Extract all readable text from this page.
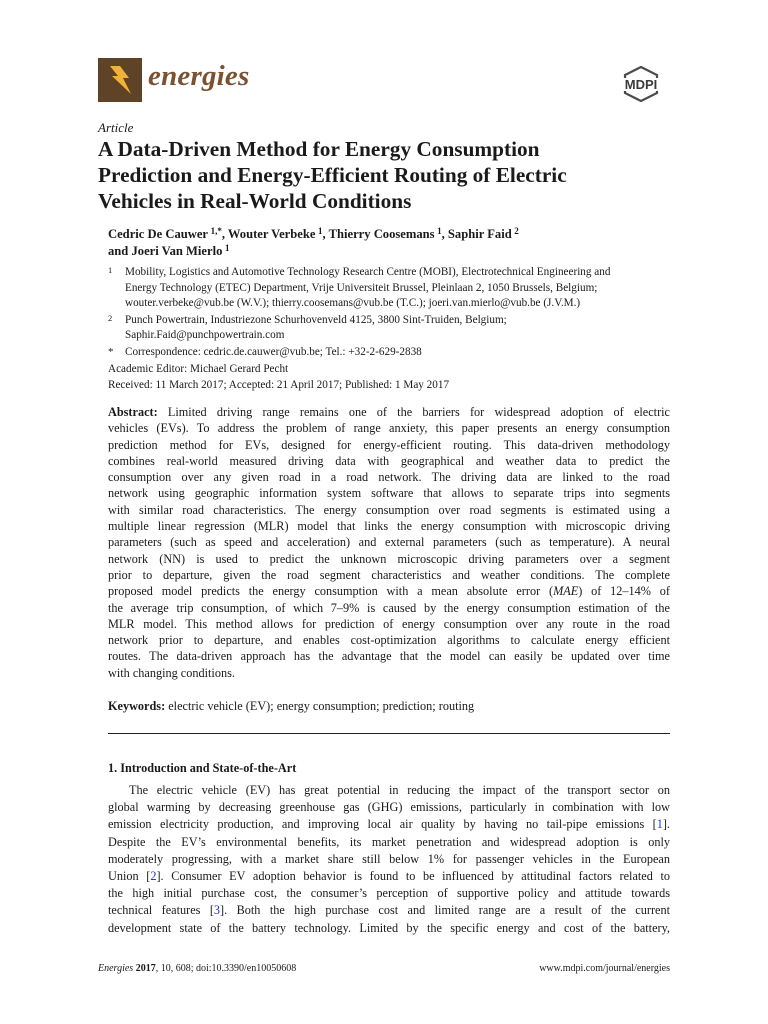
energies	MDPI
Article
A Data-Driven Method for Energy Consumption
Prediction and Energy-Efficient Routing of Electric
Vehicles in Real-World Conditions
Cedric De Cauwer  $^{1,*}$, Wouter Verbeke  $^1$, Thierry Coosemans  $^1$, Saphir Faid  $^2$
and Joeri Van Mierlo  $^1$
1 Mobility, Logistics and Automotive Technology Research Centre (MOBI), Electrotechnical Engineering and
Energy Technology (ETEC) Department, Vrije Universiteit Brussel, Pleinlaan 2, 1050 Brussels, Belgium;
wouter.verbeke@vub.be (W.V.); thierry.coosemans@vub.be (T.C.); joeri.van.mierlo@vub.be (J.V.M.)
2 Punch Powertrain, Industriezone Schurhovenveld 4125, 3800 Sint-Truiden, Belgium;
Saphir.Faid@punchpowertrain.com
* Correspondence: cedric.de.cauwer@vub.be; Tel.: +32-2-629-2838
Academic Editor: Michael Gerard Pecht
Received: 11 March 2017; Accepted: 21 April 2017; Published: 1 May 2017
Abstract: Limited driving range remains one of the barriers for widespread adoption of electric
vehicles (EVs). To address the problem of range anxiety, this paper presents an energy consumption
prediction method for EVs, designed for energy-efficient routing. This data-driven methodology
combines real-world measured driving data with geographical and weather data to predict the
consumption over any given road in a road network. The driving data are linked to the road
network using geographic information system software that allows to separate trips into segments
with similar road characteristics. The energy consumption over road segments is estimated using a
multiple linear regression (MLR) model that links the energy consumption with microscopic driving
parameters (such as speed and acceleration) and external parameters (such as temperature). A neural
network (NN) is used to predict the unknown microscopic driving parameters over a segment
prior to departure, given the road segment characteristics and weather conditions. The complete
proposed model predicts the energy consumption with a mean absolute error (MAE) of 12–14% of
the average trip consumption, of which 7–9% is caused by the energy consumption estimation of the
MLR model. This method allows for prediction of energy consumption over any route in the road
network prior to departure, and enables cost-optimization algorithms to calculate energy efficient
routes. The data-driven approach has the advantage that the model can easily be updated over time
with changing conditions.
Keywords: electric vehicle (EV); energy consumption; prediction; routing
1. Introduction and State-of-the-Art
The electric vehicle (EV) has great potential in reducing the impact of the transport sector on
global warming by decreasing greenhouse gas (GHG) emissions, particularly in combination with low
emission electricity production, and improving local air quality by having no tail-pipe emissions [1].
Despite the EV’s environmental benefits, its market penetration and widespread adoption is only
moderately progressing, with a market share still below 1% for passenger vehicles in the European
Union [2]. Consumer EV adoption behavior is found to be influenced by attitudinal factors related to
the high initial purchase cost, the consumer’s perception of supportive policy and attitude towards
technical features [3]. Both the high purchase cost and limited range are a result of the current
development state of the battery technology. Limited by the specific energy and cost of the battery,
Energies 2017, 10, 608; doi:10.3390/en10050608	www.mdpi.com/journal/energies
